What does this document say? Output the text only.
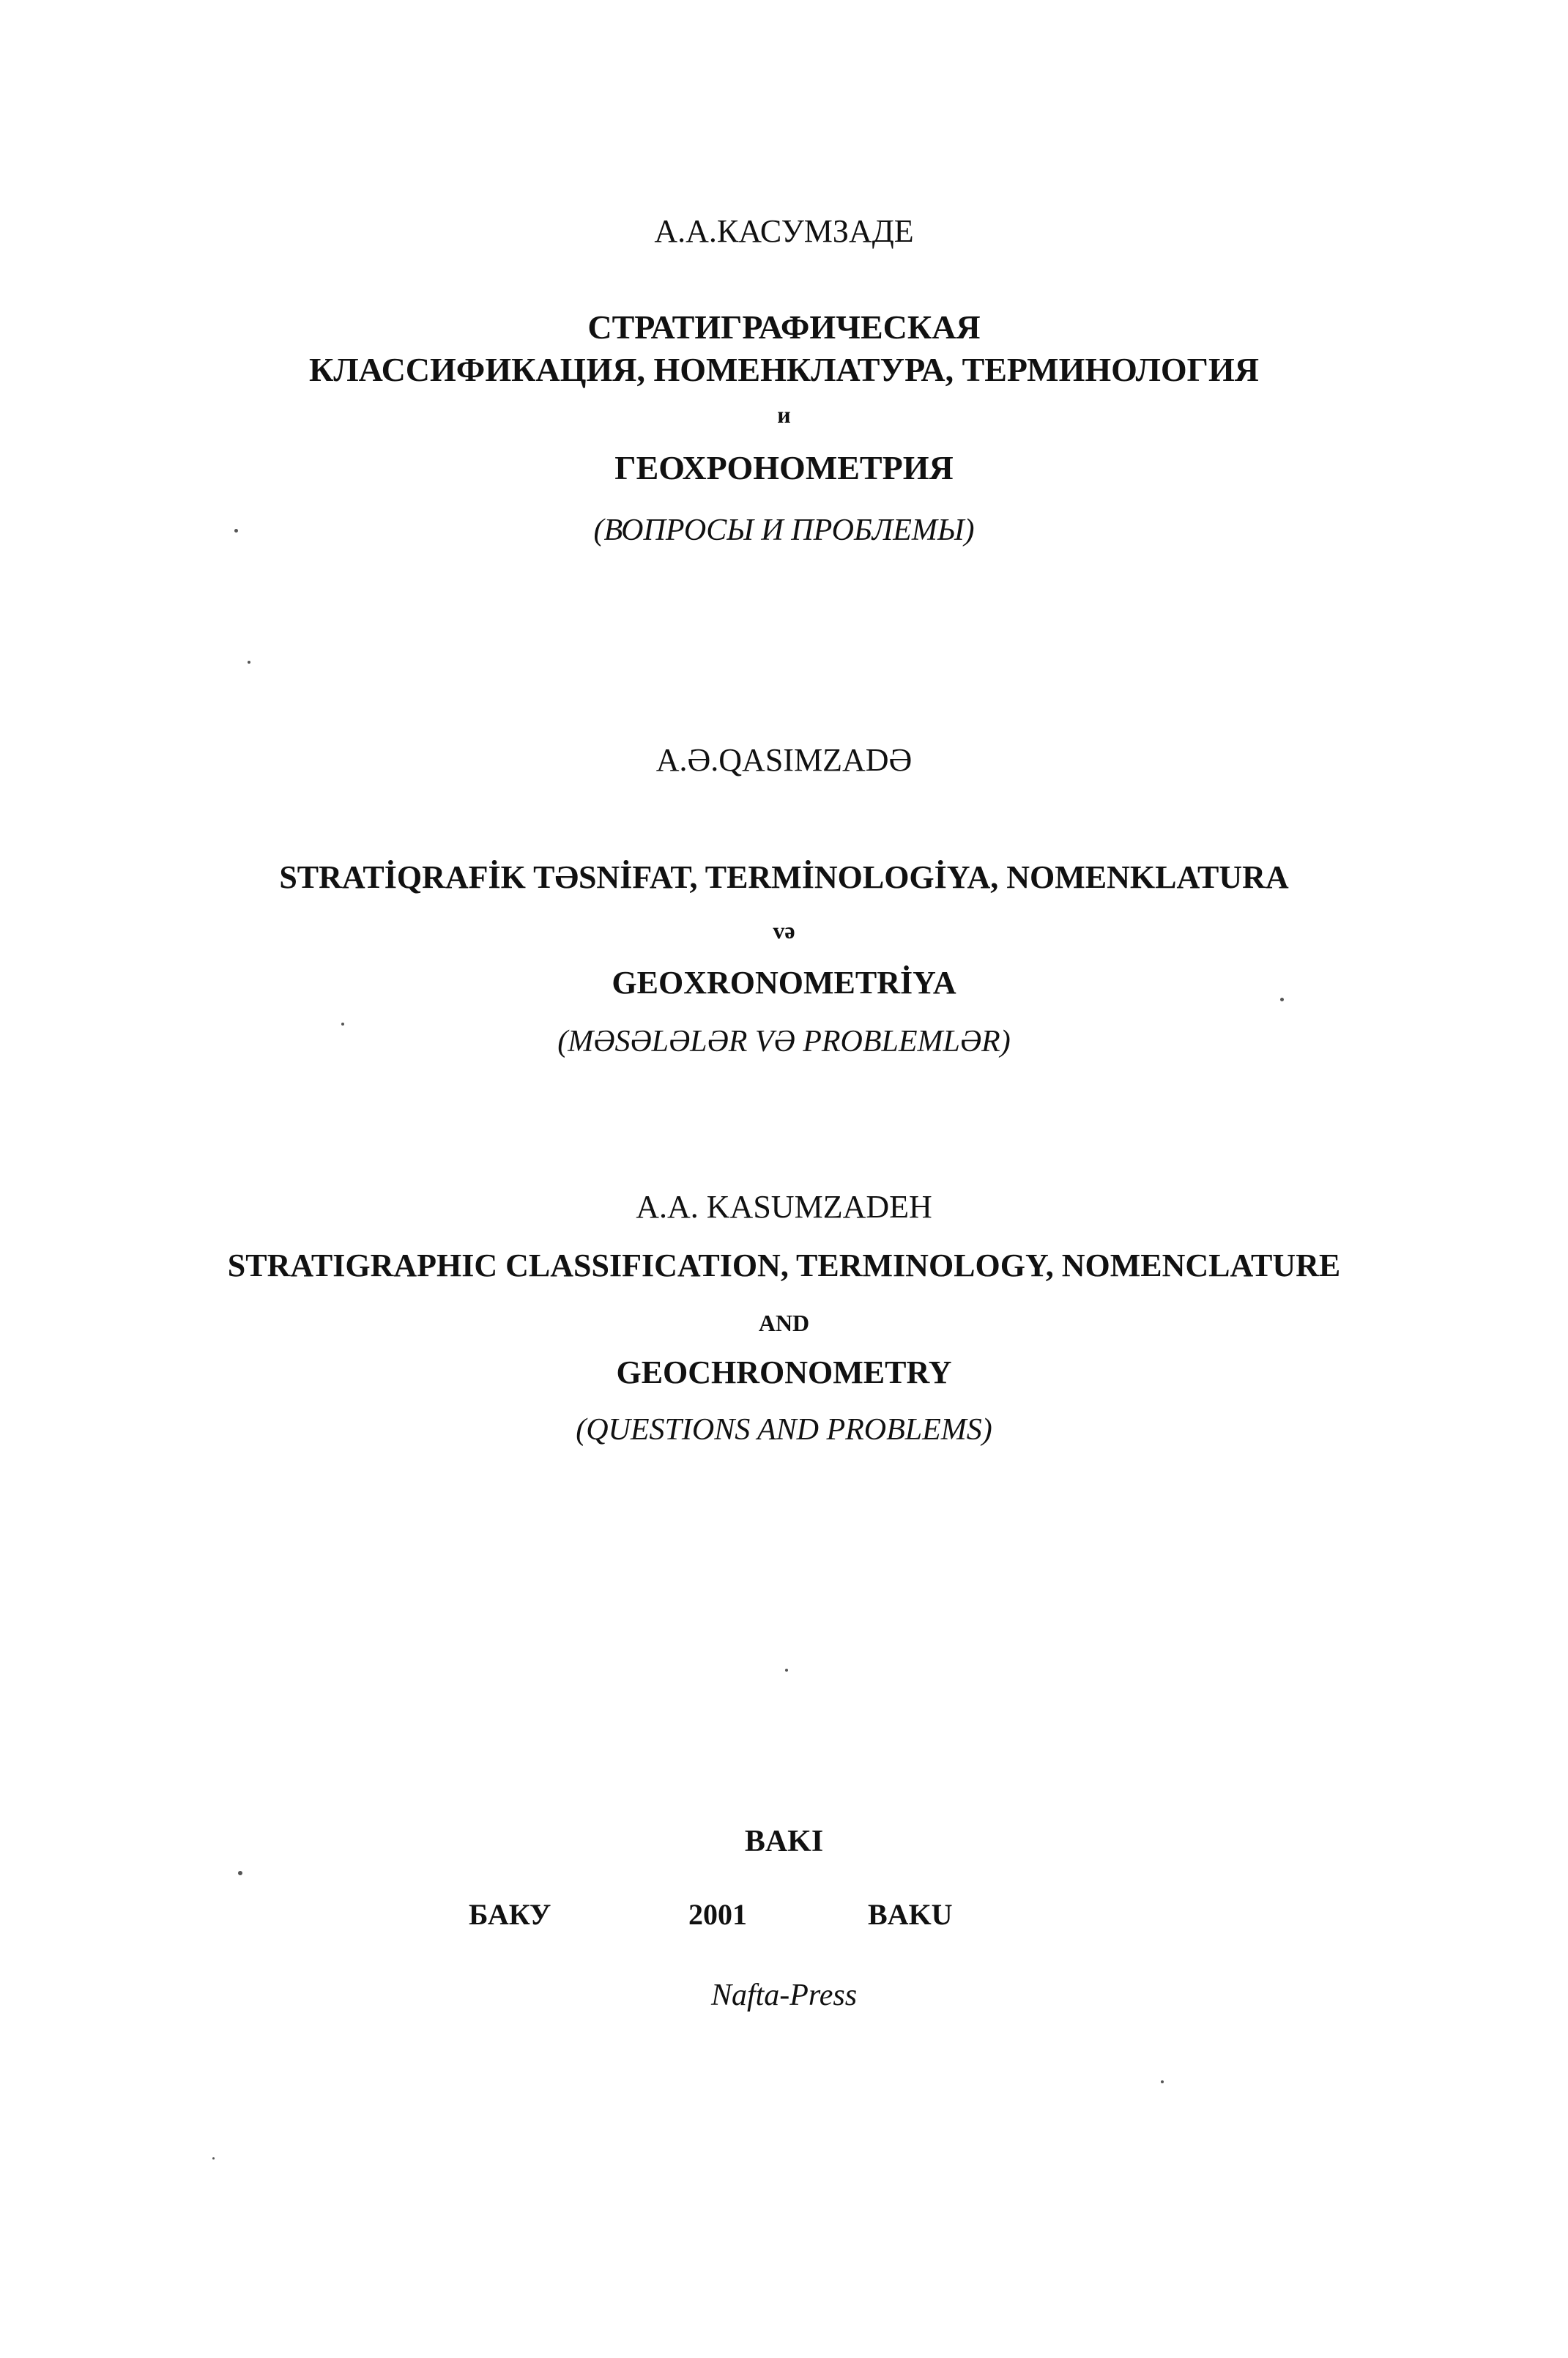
А.А.КАСУМЗАДЕ
СТРАТИГРАФИЧЕСКАЯ
КЛАССИФИКАЦИЯ, НОМЕНКЛАТУРА, ТЕРМИНОЛОГИЯ
и
ГЕОХРОНОМЕТРИЯ
(ВОПРОСЫ И ПРОБЛЕМЫ)
A.Ə.QASIMZADƏ
STRATİQRAFİK TƏSNİFAT, TERMİNOLOGİYA, NOMENKLATURA
və
GEOXRONOMETRİYA
(MƏSƏLƏLƏR VƏ PROBLEMLƏR)
A.A. KASUMZADEH
STRATIGRAPHIC CLASSIFICATION, TERMINOLOGY, NOMENCLATURE
AND
GEOCHRONOMETRY
(QUESTIONS AND PROBLEMS)
BAKI
БАКУ	2001	BAKU
Nafta-Press
